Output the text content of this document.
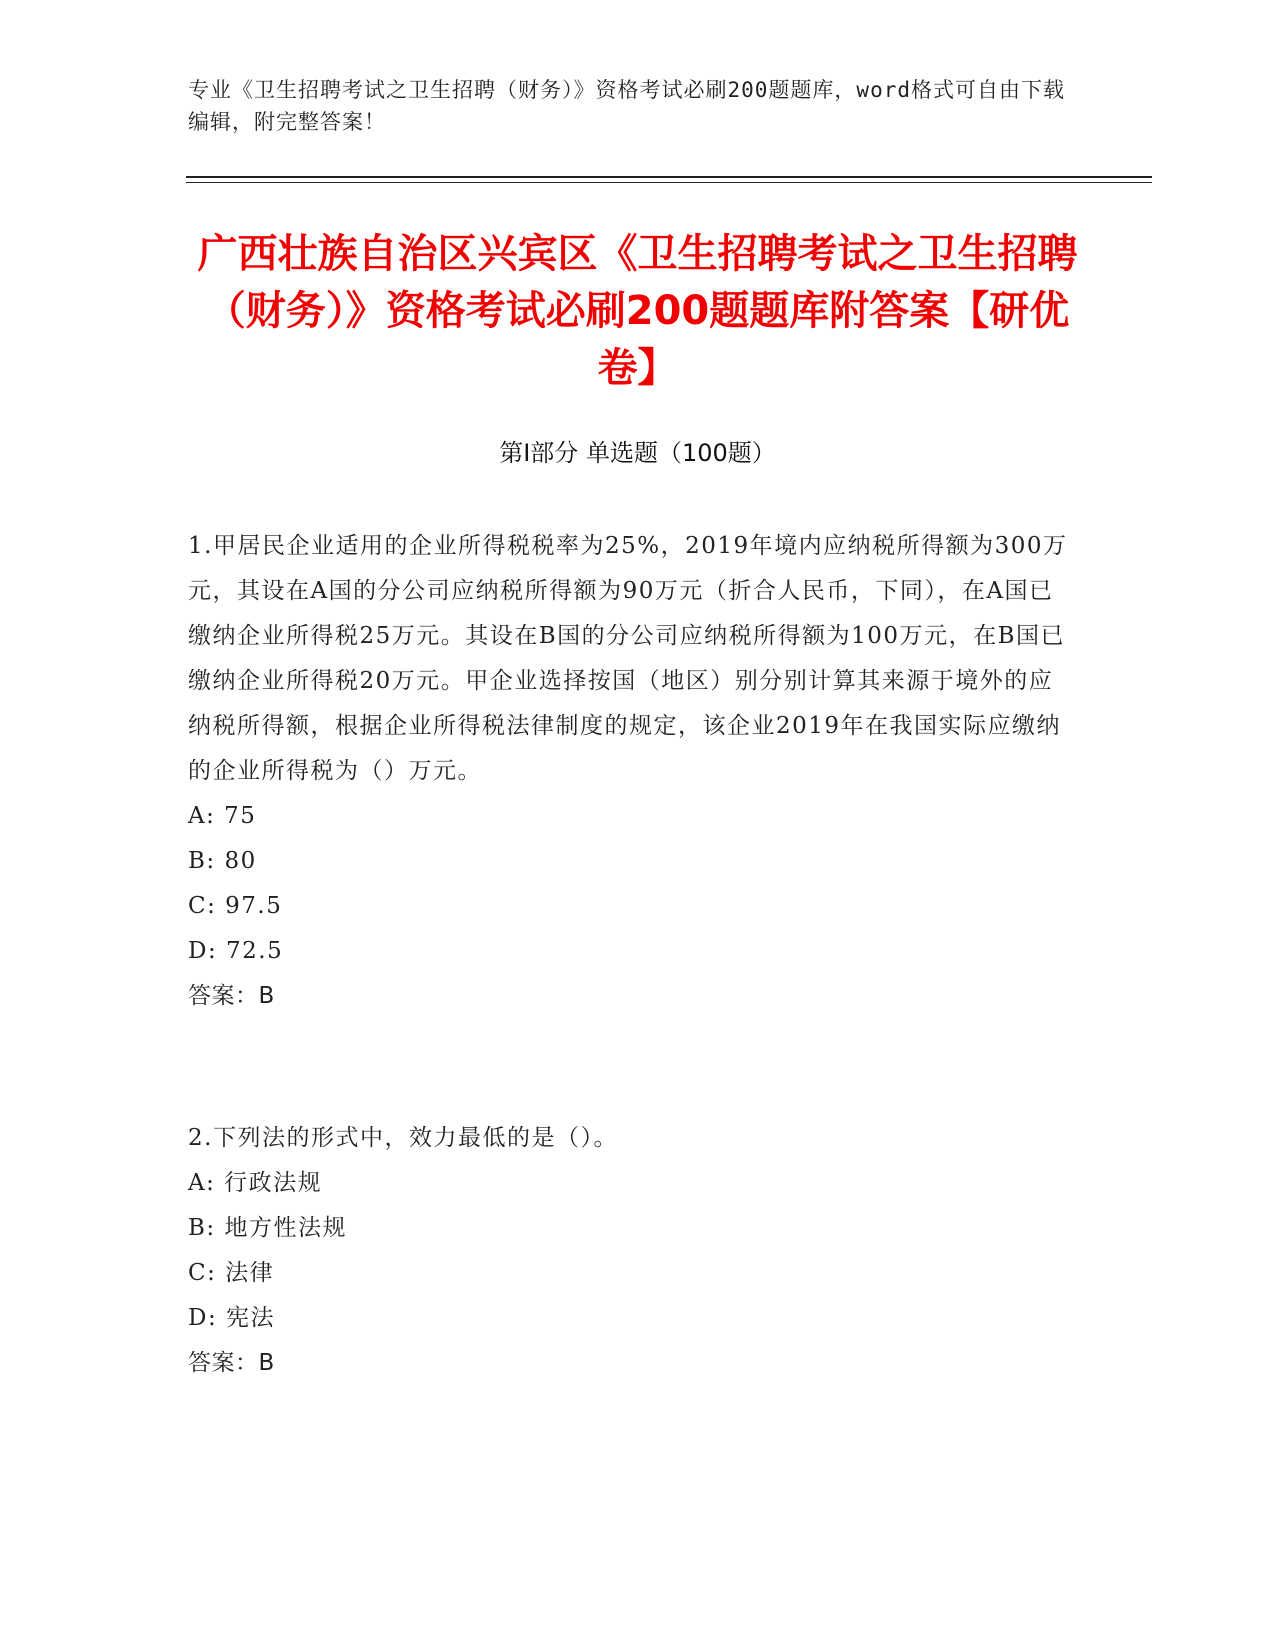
专业《卫生招聘考试之卫生招聘（财务）》资格考试必刷200题题库，word格式可自由下载编辑，附完整答案！
广西壮族自治区兴宾区《卫生招聘考试之卫生招聘（财务）》资格考试必刷200题题库附答案【研优卷】
第I部分 单选题（100题）

1.甲居民企业适用的企业所得税税率为25%，2019年境内应纳税所得额为300万元，其设在A国的分公司应纳税所得额为90万元（折合人民币，下同），在A国已缴纳企业所得税25万元。其设在B国的分公司应纳税所得额为100万元，在B国已缴纳企业所得税20万元。甲企业选择按国（地区）别分别计算其来源于境外的应纳税所得额，根据企业所得税法律制度的规定，该企业2019年在我国实际应缴纳的企业所得税为（）万元。

A: 75

B: 80

C: 97.5

D: 72.5

答案：B

2.下列法的形式中，效力最低的是（）。

A: 行政法规

B: 地方性法规

C: 法律

D: 宪法

答案：B
